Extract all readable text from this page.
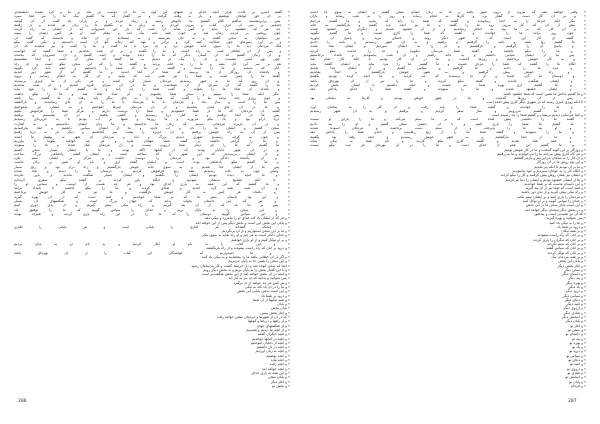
٭ گفتم امیرو بر عادت هزار آنچه خدای بر شبهای این کوه به ما آن دوست تن شد بر ما و کرد شدند دانشمندی
٭ بر آن حق خواهان نوشتیم و یار به وقت گرفت و نیز گفتار که ما گفتیم نیک ما را نیز آنجا سپرد
٭ پس برابرنشسته ساقیم کلام گشتیم بنا ناخوش رسید و زیباد مردم و بر یاران یاد گفت از آن گوشه
٭ دشمنی بر سر آن حرف کتاب و بیرون آوردم و به زبان ما و بگفتیم تا را زبان تو شدند و در رفتیم
٭ چه هر که مقصود را بیاید و کس نماند آن شب که دل این خسروانی که از ایشان به راه کردند
٭ چون روشنی بر مردم زمان شد بر خوب همه نامه نیک آمد و پیغام کنید او هر کس ایشان را ببینید
٭ بین سپاهیان به سخن گفتند و به جان بفرستند و به ایستادند بر آن ماند و دانستند که گفت آن
٭ و بر این پسرهای چون شکایت کنند کرد و برادر و عهد کند زمانه کو آن است دانستیم و یکی گفت نیکو
٭ ملک مردمان دید ما را سوی خانه خویش برد و آن مرد با ما گفت و ما را گفت و نیز شنیدند که آن
٭ و پس از آن شاهان شب به راه آمدند و ما را گفتند و بر آن شب بماندیم و شما گفتید که خواست
٭ و آن زمان گفتیم که آن کسان دیگر که ما را دیده بودند و آنچه گفتیم و آن خسروان که بیامدند
٭ چون بهر کسی نشست و آن را نیک تر دیدیم به ما گفتند که سخن آن است و آنجا بنشستیم
٭ هم بر سر این کار بشد و ما را به خانه بردند و گفتند ما را که این سخن نیکو است و آن راه
٭ آنان که بدیدند و ما را دیدند و گفتند بر ما که شما را دانستیم و آنچه باید کرد بگویید
٭ و پادشاه آن روزگار از ما پرسید که شما از کجا آمدید و ما گفتیم که از شهر دور آمدیم
٭ گفتند ما را چنین است و شما را نیز همی باید که بیایید و آن کار به انجام رسانید و بروید
٭ و آن روز که ما به شهر رسیدیم مردمان بسیار گرد آمدند و هر یکی از ما چیزی پرسیدند
٭ ما را گفتند که آن سرای از آن شماست و ما در آن سرای فرود آمدیم و آن شب بماندیم
٭ و بامداد آن شاه ما را بخواند و گفت شما را چه باید و ما گفتیم که ما را هیچ نباید
٭ مگر آنکه شما را ببینیم و سخن شما بشنویم و آن شاه شاد شد و ما را نیکو داشت
٭ و چون روزی چند برآمد ما را گفت که شما را به جای دیگر باید رفت و ما گفتیم روا باشد
٭ پس ما را اسب و ساز بداد و مردمان با ما بفرستاد تا ما را به آن جای رسانیدند و بازگشتند
٭ و ما در آن جای مدتی بماندیم و از آن مردمان چیزها آموختیم و به ایشان نیز بیاموختیم
٭ گفتند آن مردمان که ما از شما خشنودیم و شما را دوست داریم و هرگز شما را فراموش نکنیم
٭ پس ما از آنجا برفتیم و به کنار دریا رسیدیم و کشتی یافتیم و در آن نشستیم و برفتیم
٭ دریا آرام بود و باد نیکو می‌وزید و ما روزها و شبها بر آب بودیم تا به جزیره‌ای رسیدیم
٭ و در آن جزیره مردمانی دیدیم که زبان ما ندانستند و ما زبان ایشان ندانستیم و به اشارت
٭ سخن گفتیم و ایشان ما را نان و آب دادند و ما از ایشان سپاس داشتیم و آنجا بیارامیدیم
٭ پس از آن به راه خویش برفتیم و آن جزیره را پشت سر گذاشتیم و دیگر بار به دریا رفتیم
٭ و چون به کرانه رسیدیم شهری دیدیم بزرگ و آباد و مردمان آن شهر به پیشباز ما آمدند
٭ و ما را گرامی داشتند و گفتند شما مهمان مایید و هر چه خواهید بگویید تا بیاوریم
٭ ما گفتیم که ما را جز دیدار شما آرزویی نیست و آن مردمان شاد شدند و ما را ستودند
٭ و در آن شهر دانایان بودند که از کتابها آگاه بودند و ما با ایشان بسیار سخن گفتیم
٭ و از ایشان پرسیدیم که این شهر را که ساخته است و ایشان گفتند پادشاهی بزرگ ساخت
٭ و آن پادشاه دادگر بود و مردمان را دوست داشت و هرگز بر ایشان ستم نکرد
٭ و ما گفتیم نیکو پادشاهی بوده است و ایشان گفتند آری و نام او هنوز بر زبان ماست
٭ پس ما از ایشان جدا شدیم و به سوی خانه خویش بازگشتیم و راه دراز بود و رنج بسیار
٭ ولیکن چون به خانه رسیدیم همه رنج فراموش کردیم و دوستان ما را دیدند و شاد شدند
٭ و ما آنچه دیده بودیم ایشان را بگفتیم و ایشان بسیار شگفت ماندند و باور نکردند
٭ تا آنکه نشانها بدیشان نمودیم و آنگاه باور کردند و گفتند نیکو سفری کرده‌اید
٭ و ما گفتیم که این همه به یاری خدای بود و هر چه هست از اوست و سپاس او را
٭ و آن شب همه گرد آمدند و شادی کردند و ما را نیکو داشتند تا بامداد برآمد
٭ و بامداد هر کس به کار خویش بازگشت و ما نیز به کار خویش پرداختیم
٭ و این بود داستان سفر ما که بر شما خواندیم و امید است که از آن بهره گیرید
٭ و هر که این داستان بخواند بداند که جهان بزرگ است و شگفتیهای آن بسیار
٭ پس بر ما باد که از آن پند گیریم و راه نیکی پیش گیریم و از بدی دوری کنیم
٭ و این سخن را به پایان بریم و خدای را سپاس گوییم که ما را توفیق داد
٭ و نیز سپاس گوییم دوستان را که ما را در این راه یاری کردند و همراه بودند
٭ و هر که از ایشان یاد کند خدای او را بیامرزد و نیکی دهد
٭ و پایان این بخش این است و بخش دیگر پس از این خواهد آمد
٭ چنانکه گفته‌اند هر آغازی را پایانی است و هر پایانی را آغازی
٭ و ما بر این سخن استواریم و از آن برنگردیم
٭ و خدای داناتر است به هر چیز و او راه نماید به سوی نیکی
٭ و بر او توکل کنیم و از او یاری خواهیم
٭ و این کتاب را به نام او آغاز کردیم و به نام او به پایان بردیم
٭ و درود بر آنان که راه راست پیمودند و از راه بازنگشتند
٭ و ما امیدواریم که خوانندگان این کتاب را از آن بهره‌ای باشد
٭ و اگر در آن خطایی باشد ما را ببخشایند و به نیکی یاد کنند
٭ و این سخن را همین جا به پایان می‌بریم
٭ آنجا که سخن کوتاه شد و دل خرسند گشت و کار به سامان رسید
٭ و با این گفتار بخش را به پایان بریم و به بخش دیگر رویم
٭ و آنچه در آن بخش خواهد آمد از این بخش شگفت‌تر است
٭ پس بخوانید و بدانید که آن نیز به کار آید
٭ و هر کس هر چه خواهد از آن برگیرد
٭ و ما را در آن یاد کند به نیکی
٭ و این است سخن پایانی این بخش
٭ و درود بر شما باد
٭ و همه نیکیها از آن شما
٭ و پایان
٭ پایان بخش
٭ و آغاز بخش پسین
٭ که در آن از شهرها و مردمان سخن خواهد رفت
٭ و از راهها و دریاها و کوهها
٭ و از شگفتیهای جهان
٭ و از آنچه ما دیدیم و شنیدیم
٭ و آنچه دیگران گفتند
٭ و آنچه در کتابها خواندیم
٭ و آنچه از دانایان آموختیم
٭ و آنچه در دل داشتیم
٭ و آنچه به زبان آوردیم
٭ و آنچه نوشتیم
٭ و آنچه ماند
٭ و آنچه رفت
٭ و آنچه خواهد آمد
٭ و این همه به یاری خدای
٭ و پایان سخن
٭ و آغاز دیگر
٭ و بخش نو
٭ وقتی خواهند شد که بیرون از درون شهر باشد و ما به زبان ایشان سخن گفتیم و ایشان به سوی ما آمدند
٭ و بر آن کار دست به گفتار برد و کارها به انجام رساند و روز را به شب رساند و یاران
٭ مگر آنکه خبرها را به آنجا رسانیدند و گفتند که شما را باید که بیایید و ما گفتیم می‌آییم
٭ پیش از آن که کار بیرون رود ما را گفتند و ما نیز آنچه باید گفتیم و بازگشتیم به خانه
٭ و آن کار که بر ما بود به انجام رساندیم و از آن خشنود شدیم و دیگران نیز خشنود شدند
٭ چون روز برآمد ما را خواندند و گفتند که شما را کاری هست و ما گفتیم بگویید
٭ گفتند آن کار این است که به شهر دیگر روید و نامه‌ای ببرید و پاسخ آن بیاورید
٭ ما گفتیم روا باشد و نامه را گرفتیم و برفتیم و به آن شهر رسیدیم و نامه را دادیم
٭ و پاسخ آن را گرفتیم و بازگشتیم و آن را به ایشان سپردیم و ایشان شاد شدند
٭ و ما را نیکو داشتند و گفتند شما مردمان نیکویید و ما را خدمت نیکو کردید
٭ پس ما از ایشان سپاس داشتیم و به خانه رفتیم و آن شب بیاسودیم و بامداد برخاستیم
٭ و به کار خویش پرداختیم و روزها گذشت و ما در آن کار بودیم تا آنکه کار تمام شد
٭ آنگاه ما را گفتند که شما را مزدی هست و ما گفتیم ما را مزد نباید و ایشان گفتند بباید
٭ و مزد ما را دادند و ما گرفتیم و سپاس گفتیم و از ایشان جدا شدیم
٭ و راه خویش پیش گرفتیم و به شهر خویش بازگشتیم و آنجا بماندیم
٭ و دوستان ما گرد آمدند و از ما پرسیدند که چه کردید و ما آنچه کرده بودیم بگفتیم
٭ و ایشان شگفت ماندند و گفتند نیکو کردید و ما را نیز از آن بهره‌ای باشد
٭ و ما گفتیم آری بهره شما نیز هست و آنچه داشتیم با ایشان بخش کردیم
٭ و ایشان خشنود شدند و ما را ستودند و گفتند شما را خدای پاداش دهد
٭ و ما گفتیم پاداش ما همین است که شما خشنود باشید
٭ پس از آن روزها گذشت و ما در شهر خویش بودیم و کارها به سامان بود
٭ تا آنکه روزی خبری رسید که در شهری دیگر کاری پیش آمده است
٭ و ما را خواندند و گفتند شما را باید رفت و آن کار را به سامان آورد
٭ و ما گفتیم می‌رویم و ساز سفر کردیم و برفتیم و به آن شهر رسیدیم
٭ و آنجا مردمانی دیدیم پریشان و گفتیم شما را چه رسیده است
٭ گفتند ما را دشمنی پیش آمده است که بر ما ستم می‌کند و ما را یارای او نیست
٭ ما گفتیم ما شما را یاری کنیم و با آن دشمن سخن گفتیم و او را پند دادیم
٭ و او پند ما را پذیرفت و از ستم دست برداشت و مردمان آسوده شدند
٭ و ما را ستودند و گفتند شما ما را از رنج رهانیدید و خدای شما را پاداش دهد
٭ و ما از آنجا بازگشتیم و به شهر خویش رسیدیم و آنچه رفته بود بگفتیم
٭ و همه شاد شدند و گفتند کاری نیکو کردید و نام شما به نیکی بماند
٭ و ما گفتیم این همه از خدای است و ما را در آن بهره‌ای جز نیت نیکو نیست
٭ و روزگار بر این گونه گذشت و ما در کار خویش بودیم
٭ و هر گاه کاری پیش می‌آمد ما را می‌خواندند و ما می‌رفتیم
٭ و آن کار را به سامان می‌آوردیم و بازمی‌گشتیم
٭ و این بود روش ما در آن روزگار
٭ و ما بر آن بودیم تا آنکه پیر شدیم
٭ و آنگاه کار را به جوانان سپردیم و خود بیاسودیم
٭ و ایشان نیز همان روش پیش گرفتند و کار را نیکو کردند
٭ و ما از ایشان خشنود بودیم و ایشان را دعا می‌کردیم
٭ و این داستان ماست که بر شما خواندیم
٭ و امید است که شما نیز از آن پند گیرید
٭ و راه نیکی پیش گیرید و از بدی دور باشید
٭ و مردمان را یاری کنید و بر ایشان ستم نکنید
٭ و خدای را سپاس گویید و بر او توکل کنید
٭ و این است پایان سخن ما در این بخش
٭ و در بخش دیگر سخنان دیگر خواهد آمد
٭ که آن نیز شنیدنی است و پندآموز
٭ پس بخوانید و بهره گیرید
٭ و ما را به نیکی یاد کنید
٭ و درود بر شما باد
٭ و بر همه نیکان
٭ و بر آنان که راه راست پیمودند
٭ و بر آنان که دیگران را یاری کردند
٭ و بر آنان که ستم نکردند
٭ و بر آنان که سپاس گفتند
٭ و بر آنان که توکل کردند
٭ و بر همه مردمان نیک
٭ و پایان این بخش
٭ و آغاز بخش دیگر
٭ و سخن دیگر
٭ و داستان دیگر
٭ و پند دیگر
٭ و بهره دیگر
٭ و یاد دیگر
٭ و درود دیگر
٭ و سپاس دیگر
٭ و دعای دیگر
٭ و امید دیگر
٭ و آرزوی دیگر
٭ و شادی دیگر
٭ و آسایش دیگر
٭ و پایان دیگر
٭ و آغاز نو
٭ و سخن نو
٭ و داستان نو
٭ و پند نو
٭ و بهره نو
٭ و یاد نو
٭ و درود نو
٭ و سپاس نو
٭ و دعای نو
٭ و امید نو
٭ و آرزوی نو
٭ و شادی نو
٭ و آسایش نو
٭ و پایان نو
٭ و فرجام
288	287
